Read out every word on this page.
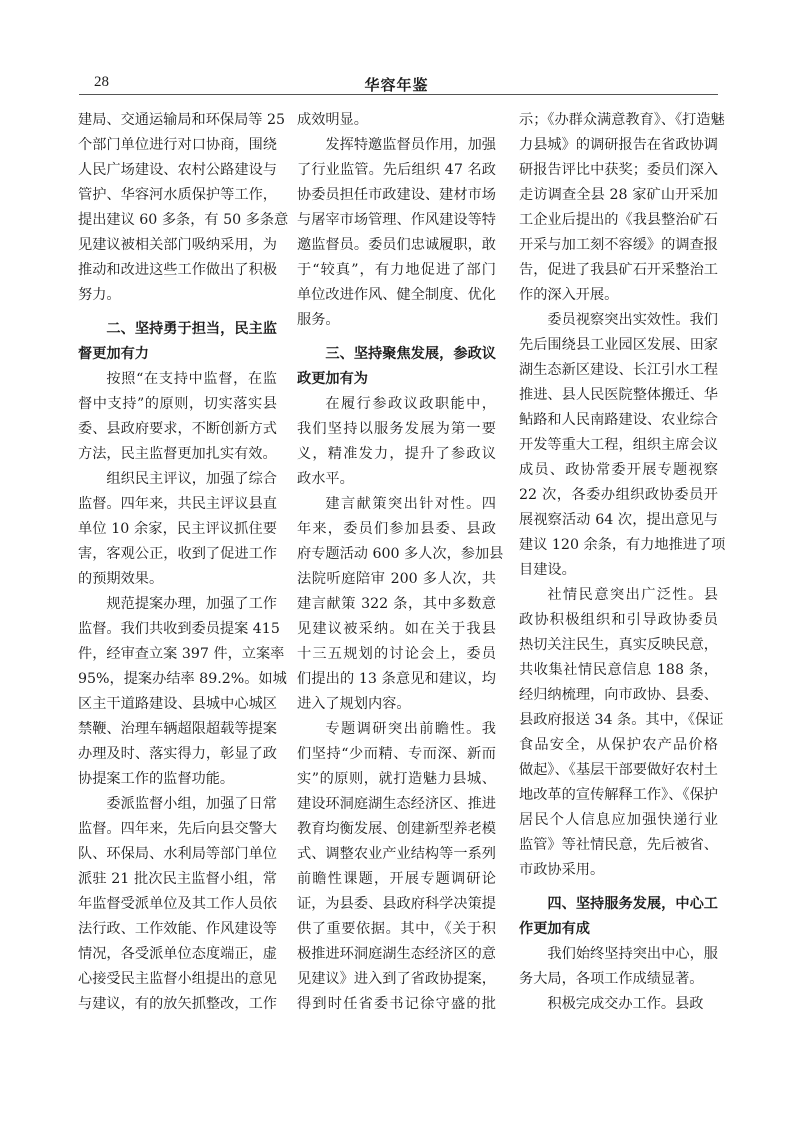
28	华容年鉴
建局、交通运输局和环保局等 25
个部门单位进行对口协商，围绕
人民广场建设、农村公路建设与
管护、华容河水质保护等工作，
提出建议 60 多条，有 50 多条意
见建议被相关部门吸纳采用，为
推动和改进这些工作做出了积极
努力。
二、坚持勇于担当，民主监
督更加有力
按照“在支持中监督，在监
督中支持”的原则，切实落实县
委、县政府要求，不断创新方式
方法，民主监督更加扎实有效。
组织民主评议，加强了综合
监督。四年来，共民主评议县直
单位 10 余家，民主评议抓住要
害，客观公正，收到了促进工作
的预期效果。
规范提案办理，加强了工作
监督。我们共收到委员提案 415
件，经审查立案 397 件，立案率
95%，提案办结率 89.2%。如城
区主干道路建设、县城中心城区
禁鞭、治理车辆超限超载等提案
办理及时、落实得力，彰显了政
协提案工作的监督功能。
委派监督小组，加强了日常
监督。四年来，先后向县交警大
队、环保局、水利局等部门单位
派驻 21 批次民主监督小组，常
年监督受派单位及其工作人员依
法行政、工作效能、作风建设等
情况，各受派单位态度端正，虚
心接受民主监督小组提出的意见
与建议，有的放矢抓整改，工作
成效明显。
发挥特邀监督员作用，加强
了行业监管。先后组织 47 名政
协委员担任市政建设、建材市场
与屠宰市场管理、作风建设等特
邀监督员。委员们忠诚履职，敢
于“较真”，有力地促进了部门
单位改进作风、健全制度、优化
服务。
三、坚持聚焦发展，参政议
政更加有为
在履行参政议政职能中，
我们坚持以服务发展为第一要
义，精准发力，提升了参政议
政水平。
建言献策突出针对性。四
年来，委员们参加县委、县政
府专题活动 600 多人次，参加县
法院听庭陪审 200 多人次，共
建言献策 322 条，其中多数意
见建议被采纳。如在关于我县
十三五规划的讨论会上，委员
们提出的 13 条意见和建议，均
进入了规划内容。
专题调研突出前瞻性。我
们坚持“少而精、专而深、新而
实”的原则，就打造魅力县城、
建设环洞庭湖生态经济区、推进
教育均衡发展、创建新型养老模
式、调整农业产业结构等一系列
前瞻性课题，开展专题调研论
证，为县委、县政府科学决策提
供了重要依据。其中，《关于积
极推进环洞庭湖生态经济区的意
见建议》进入到了省政协提案，
得到时任省委书记徐守盛的批
示；《办群众满意教育》、《打造魅
力县城》的调研报告在省政协调
研报告评比中获奖；委员们深入
走访调查全县 28 家矿山开采加
工企业后提出的《我县整治矿石
开采与加工刻不容缓》的调查报
告，促进了我县矿石开采整治工
作的深入开展。
委员视察突出实效性。我们
先后围绕县工业园区发展、田家
湖生态新区建设、长江引水工程
推进、县人民医院整体搬迁、华
鲇路和人民南路建设、农业综合
开发等重大工程，组织主席会议
成员、政协常委开展专题视察
22 次，各委办组织政协委员开
展视察活动 64 次，提出意见与
建议 120 余条，有力地推进了项
目建设。
社情民意突出广泛性。县
政协积极组织和引导政协委员
热切关注民生，真实反映民意，
共收集社情民意信息 188 条，
经归纳梳理，向市政协、县委、
县政府报送 34 条。其中，《保证
食品安全，从保护农产品价格
做起》、《基层干部要做好农村土
地改革的宣传解释工作》、《保护
居民个人信息应加强快递行业
监管》等社情民意，先后被省、
市政协采用。
四、坚持服务发展，中心工
作更加有成
我们始终坚持突出中心，服
务大局，各项工作成绩显著。
积极完成交办工作。县政
